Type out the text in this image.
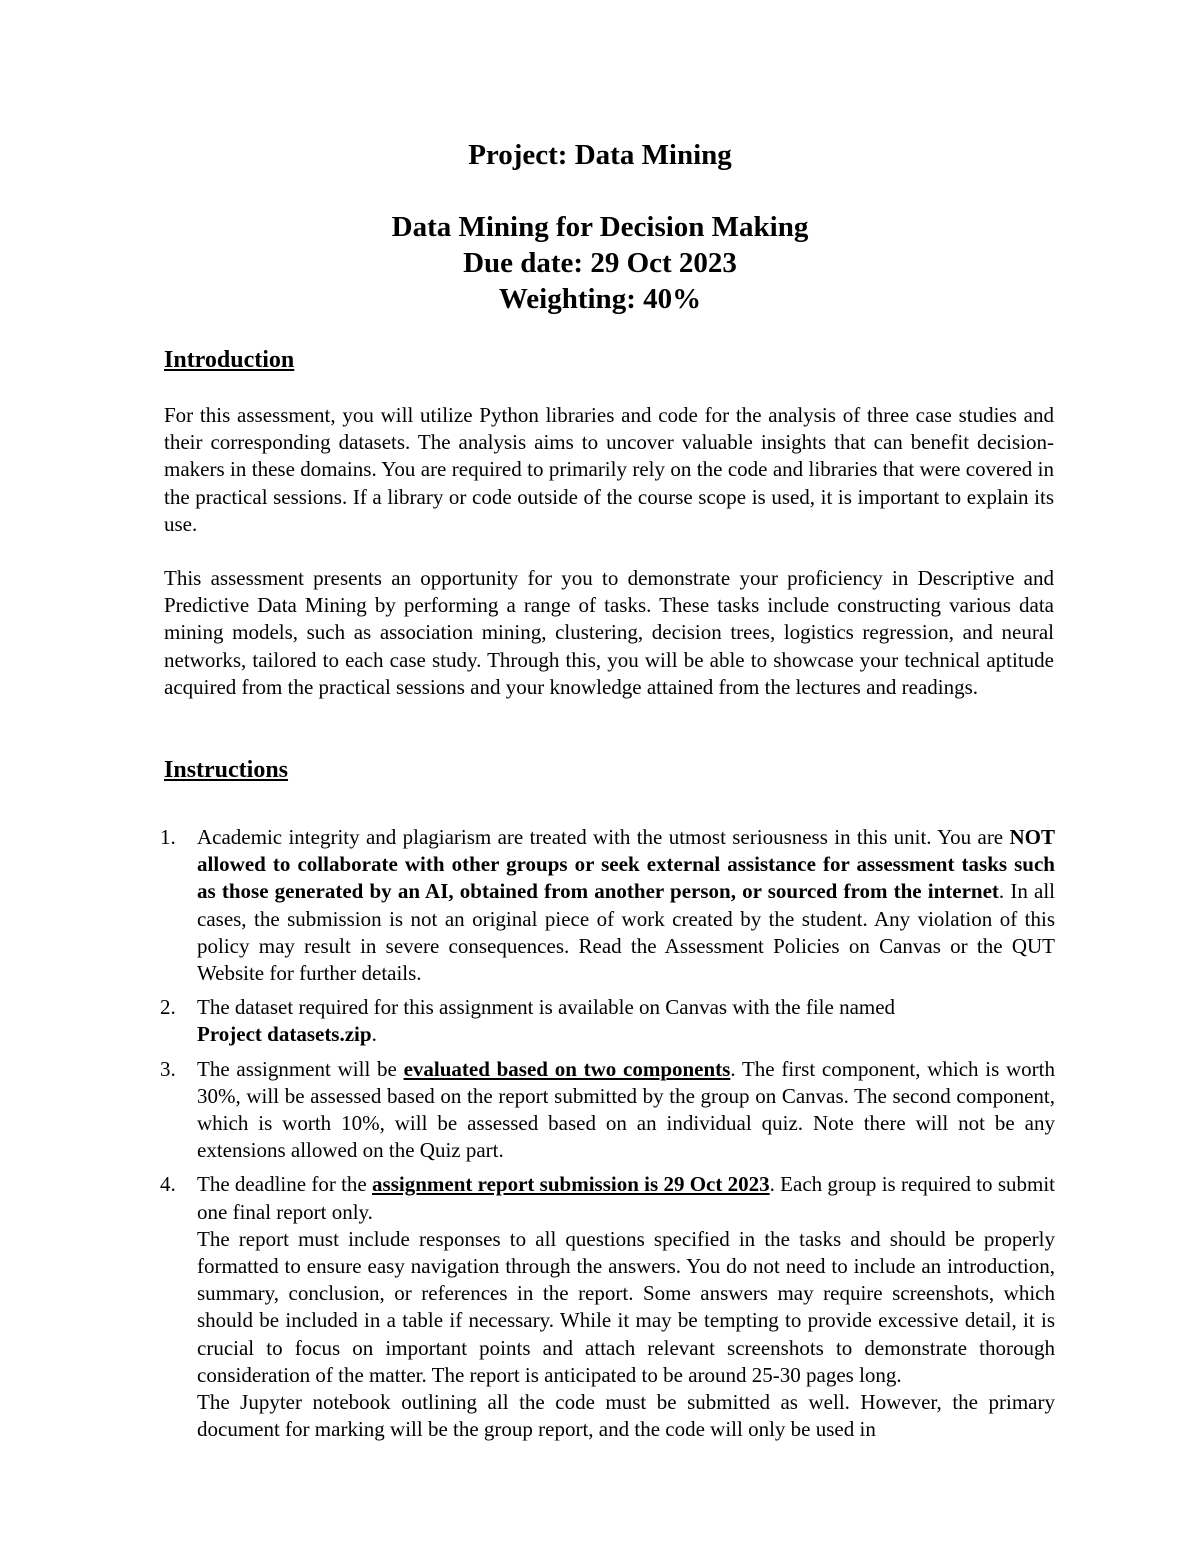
Project: Data Mining
Data Mining for Decision Making
Due date: 29 Oct 2023
Weighting: 40%
Introduction
For this assessment, you will utilize Python libraries and code for the analysis of three case studies and their corresponding datasets. The analysis aims to uncover valuable insights that can benefit decision-makers in these domains. You are required to primarily rely on the code and libraries that were covered in the practical sessions. If a library or code outside of the course scope is used, it is important to explain its use.
This assessment presents an opportunity for you to demonstrate your proficiency in Descriptive and Predictive Data Mining by performing a range of tasks. These tasks include constructing various data mining models, such as association mining, clustering, decision trees, logistics regression, and neural networks, tailored to each case study. Through this, you will be able to showcase your technical aptitude acquired from the practical sessions and your knowledge attained from the lectures and readings.
Instructions
1. Academic integrity and plagiarism are treated with the utmost seriousness in this unit. You are NOT allowed to collaborate with other groups or seek external assistance for assessment tasks such as those generated by an AI, obtained from another person, or sourced from the internet. In all cases, the submission is not an original piece of work created by the student. Any violation of this policy may result in severe consequences. Read the Assessment Policies on Canvas or the QUT Website for further details.
2. The dataset required for this assignment is available on Canvas with the file named
Project datasets.zip.
3. The assignment will be evaluated based on two components. The first component, which is worth 30%, will be assessed based on the report submitted by the group on Canvas. The second component, which is worth 10%, will be assessed based on an individual quiz. Note there will not be any extensions allowed on the Quiz part.
4. The deadline for the assignment report submission is 29 Oct 2023. Each group is required to submit one final report only.
The report must include responses to all questions specified in the tasks and should be properly formatted to ensure easy navigation through the answers. You do not need to include an introduction, summary, conclusion, or references in the report. Some answers may require screenshots, which should be included in a table if necessary. While it may be tempting to provide excessive detail, it is crucial to focus on important points and attach relevant screenshots to demonstrate thorough consideration of the matter. The report is anticipated to be around 25-30 pages long.
The Jupyter notebook outlining all the code must be submitted as well. However, the primary document for marking will be the group report, and the code will only be used in
